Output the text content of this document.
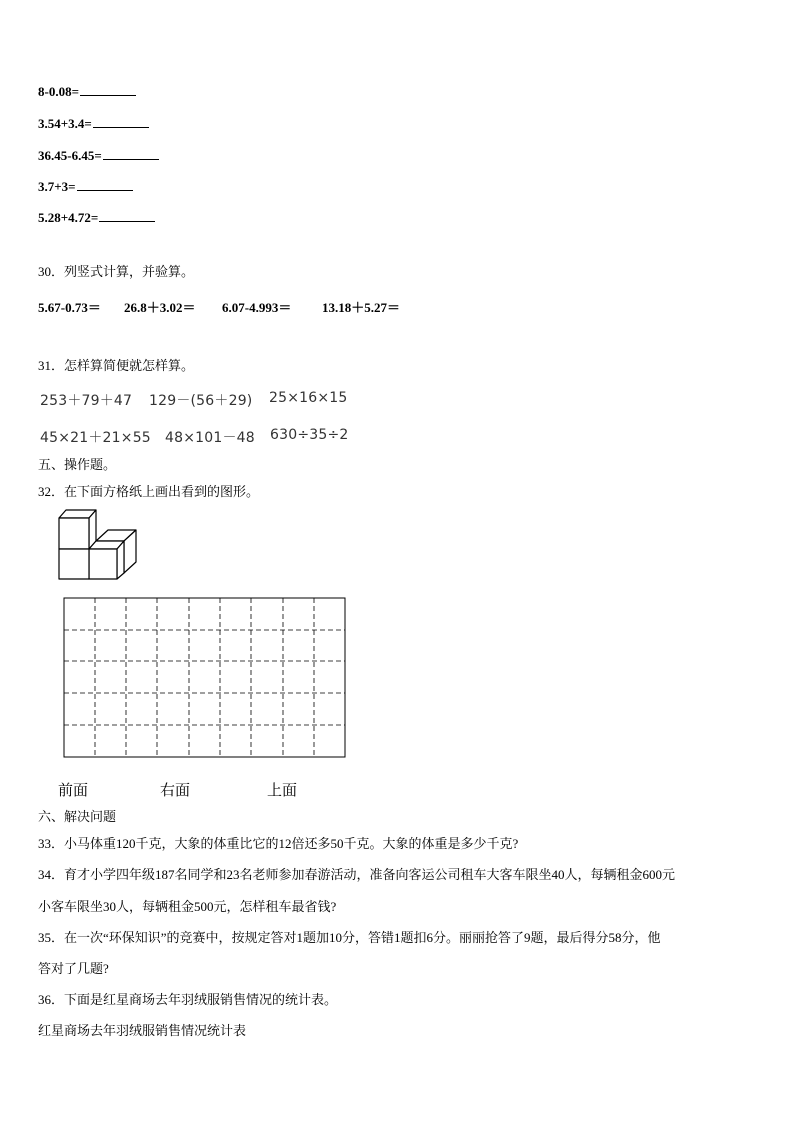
8-0.08=
3.54+3.4=
36.45-6.45=
3.7+3=
5.28+4.72=
30．列竖式计算，并验算。
5.67-0.73＝ 26.8＋3.02＝ 6.07-4.993＝ 13.18＋5.27＝
31．怎样算简便就怎样算。
253＋79＋47 129－(56＋29) 25×16×15
45×21＋21×55 48×101－48 630÷35÷2
五、操作题。
32．在下面方格纸上画出看到的图形。
前面	右面	上面
六、解决问题
33．小马体重120千克，大象的体重比它的12倍还多50千克。大象的体重是多少千克?
34．育才小学四年级187名同学和23名老师参加春游活动，准备向客运公司租车大客车限坐40人，每辆租金600元
小客车限坐30人，每辆租金500元，怎样租车最省钱?
35．在一次“环保知识”的竞赛中，按规定答对1题加10分，答错1题扣6分。丽丽抢答了9题，最后得分58分，他
答对了几题?
36．下面是红星商场去年羽绒服销售情况的统计表。
红星商场去年羽绒服销售情况统计表
